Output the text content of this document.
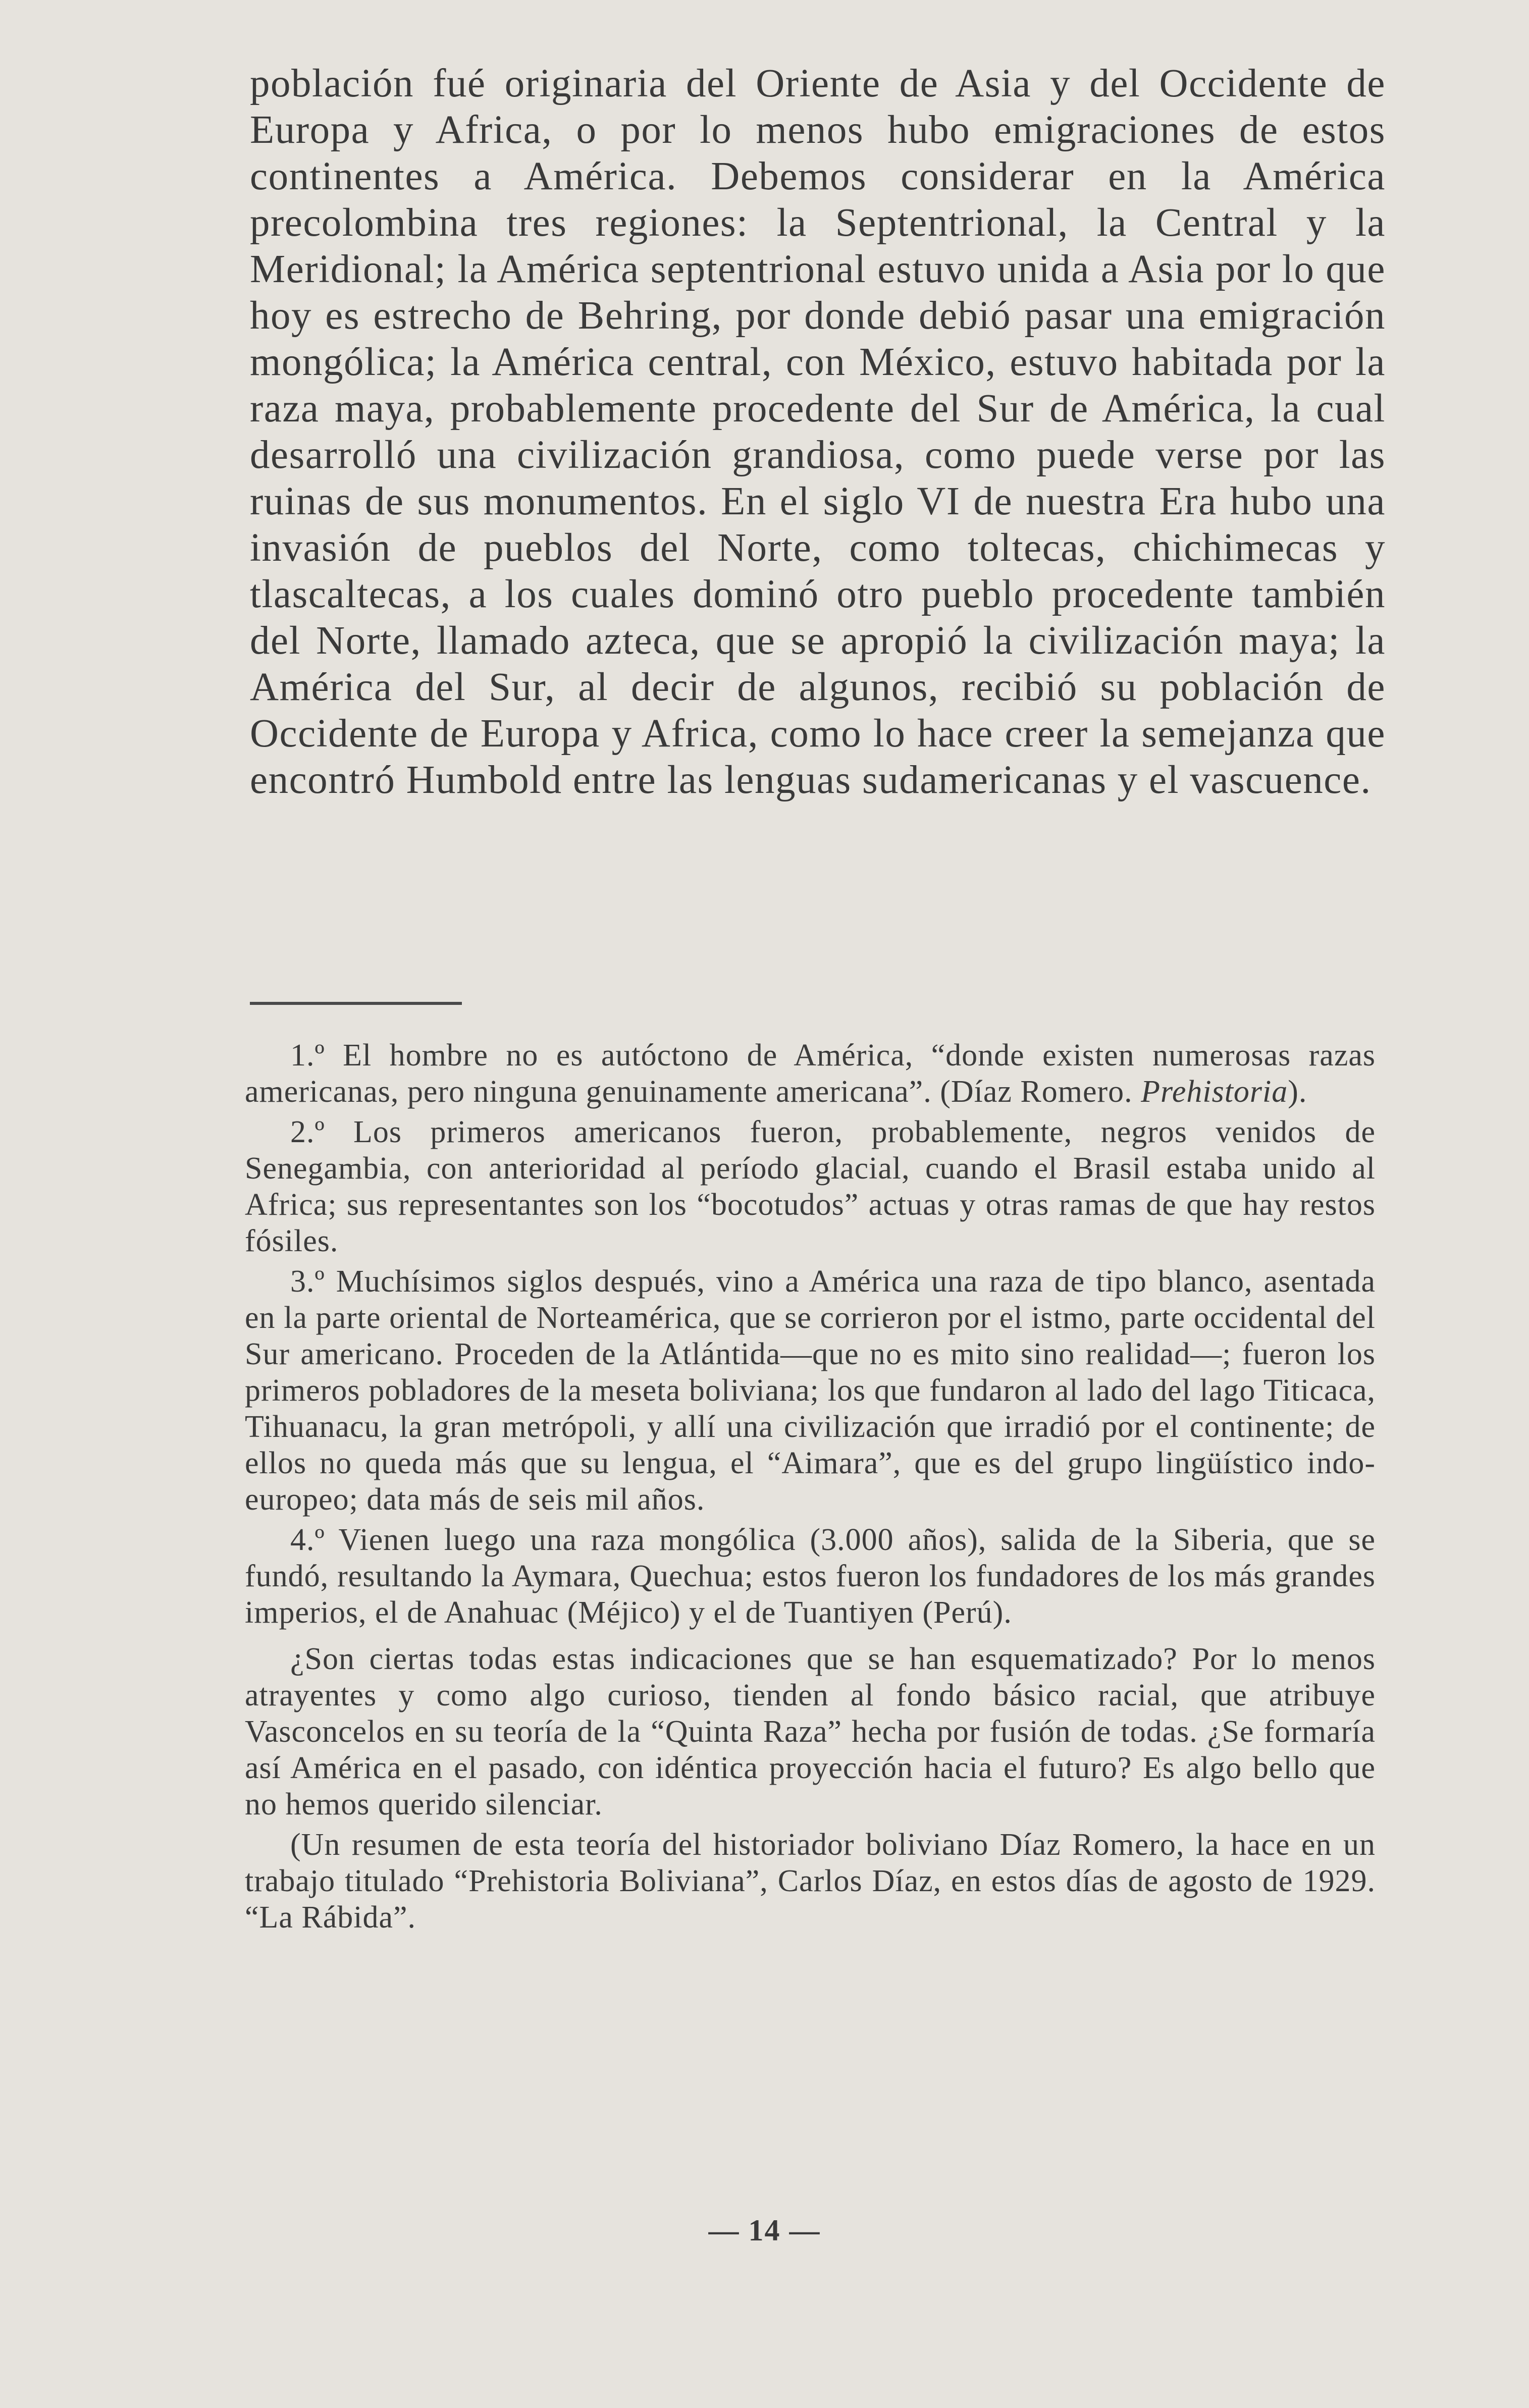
población fué originaria del Oriente de Asia y del Occidente de Europa y Africa, o por lo menos hubo emigraciones de estos continentes a América. Debemos considerar en la América precolombina tres regiones: la Septentrional, la Central y la Meridional; la América septentrional estuvo unida a Asia por lo que hoy es estrecho de Behring, por donde debió pasar una emigración mongólica; la América central, con México, estuvo habitada por la raza maya, probablemente procedente del Sur de América, la cual desarrolló una civilización grandiosa, como puede verse por las ruinas de sus monumentos. En el siglo VI de nuestra Era hubo una invasión de pueblos del Norte, como toltecas, chichimecas y tlascaltecas, a los cuales dominó otro pueblo procedente también del Norte, llamado azteca, que se apropió la civilización maya; la América del Sur, al decir de algunos, recibió su población de Occidente de Europa y Africa, como lo hace creer la semejanza que encontró Humbold entre las lenguas sudamericanas y el vascuence.

1.º El hombre no es autóctono de América, “donde existen numerosas razas americanas, pero ninguna genuinamente americana”. (Díaz Romero. Prehistoria).

2.º Los primeros americanos fueron, probablemente, negros venidos de Senegambia, con anterioridad al período glacial, cuando el Brasil estaba unido al Africa; sus representantes son los “bocotudos” actuas y otras ramas de que hay restos fósiles.

3.º Muchísimos siglos después, vino a América una raza de tipo blanco, asentada en la parte oriental de Norteamérica, que se corrieron por el istmo, parte occidental del Sur americano. Proceden de la Atlántida—que no es mito sino realidad—; fueron los primeros pobladores de la meseta boliviana; los que fundaron al lado del lago Titicaca, Tihuanacu, la gran metrópoli, y allí una civilización que irradió por el continente; de ellos no queda más que su lengua, el “Aimara”, que es del grupo lingüístico indo-europeo; data más de seis mil años.

4.º Vienen luego una raza mongólica (3.000 años), salida de la Siberia, que se fundó, resultando la Aymara, Quechua; estos fueron los fundadores de los más grandes imperios, el de Anahuac (Méjico) y el de Tuantiyen (Perú).

¿Son ciertas todas estas indicaciones que se han esquematizado? Por lo menos atrayentes y como algo curioso, tienden al fondo básico racial, que atribuye Vasconcelos en su teoría de la “Quinta Raza” hecha por fusión de todas. ¿Se formaría así América en el pasado, con idéntica proyección hacia el futuro? Es algo bello que no hemos querido silenciar.

(Un resumen de esta teoría del historiador boliviano Díaz Romero, la hace en un trabajo titulado “Prehistoria Boliviana”, Carlos Díaz, en estos días de agosto de 1929. “La Rábida”.

— 14 —
